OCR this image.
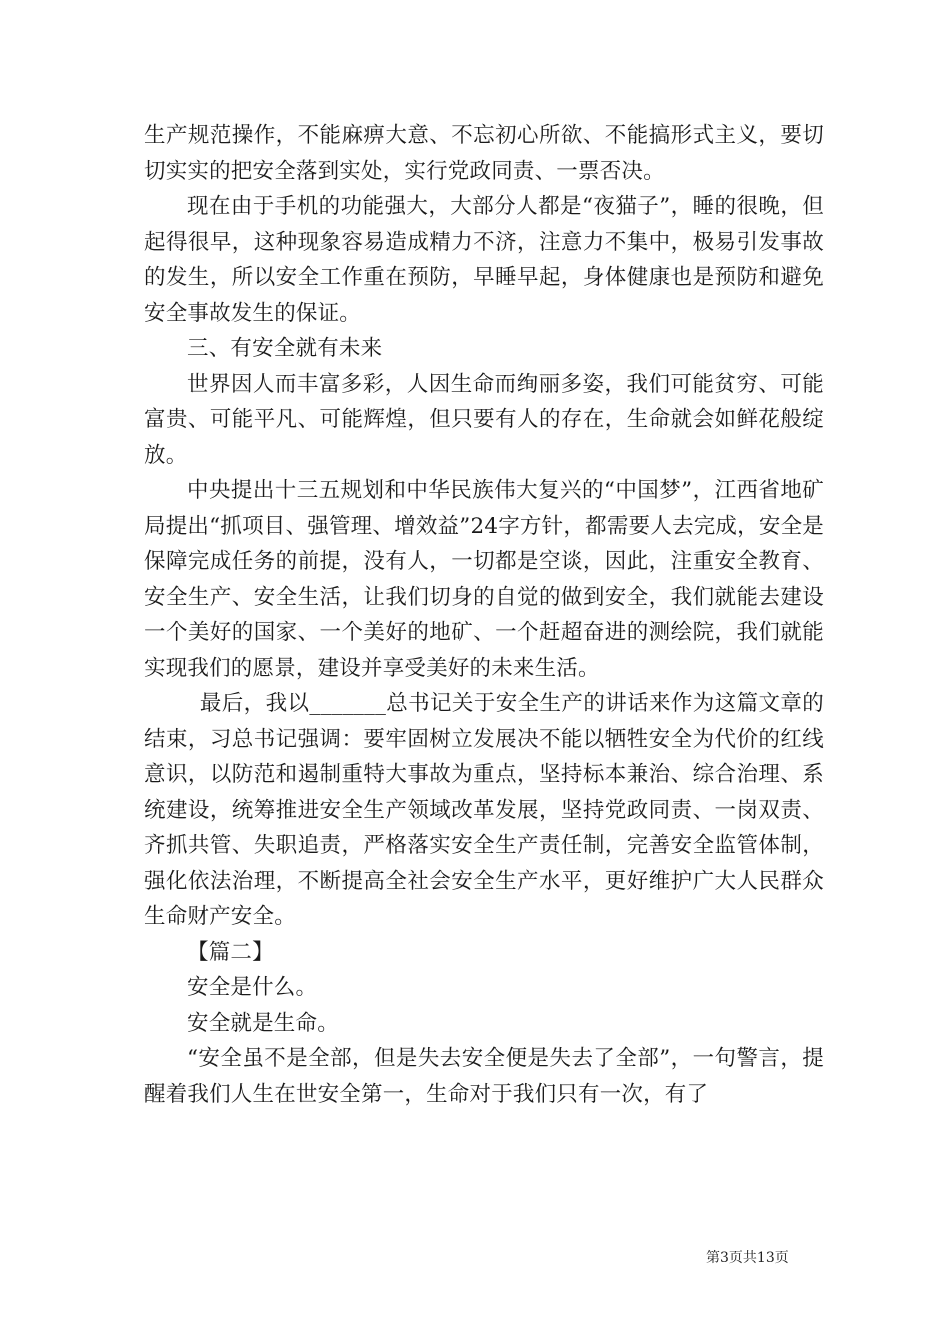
生产规范操作，不能麻痹大意、不忘初心所欲、不能搞形式主义，要切切实实的把安全落到实处，实行党政同责、一票否决。

现在由于手机的功能强大，大部分人都是“夜猫子”，睡的很晚，但起得很早，这种现象容易造成精力不济，注意力不集中，极易引发事故的发生，所以安全工作重在预防，早睡早起，身体健康也是预防和避免安全事故发生的保证。

三、有安全就有未来

世界因人而丰富多彩，人因生命而绚丽多姿，我们可能贫穷、可能富贵、可能平凡、可能辉煌，但只要有人的存在，生命就会如鲜花般绽放。

中央提出十三五规划和中华民族伟大复兴的“中国梦”，江西省地矿局提出“抓项目、强管理、增效益”24字方针，都需要人去完成，安全是保障完成任务的前提，没有人，一切都是空谈，因此，注重安全教育、安全生产、安全生活，让我们切身的自觉的做到安全，我们就能去建设一个美好的国家、一个美好的地矿、一个赶超奋进的测绘院，我们就能实现我们的愿景，建设并享受美好的未来生活。

最后，我以_______总书记关于安全生产的讲话来作为这篇文章的结束，习总书记强调：要牢固树立发展决不能以牺牲安全为代价的红线意识，以防范和遏制重特大事故为重点，坚持标本兼治、综合治理、系统建设，统筹推进安全生产领域改革发展，坚持党政同责、一岗双责、齐抓共管、失职追责，严格落实安全生产责任制，完善安全监管体制，强化依法治理，不断提高全社会安全生产水平，更好维护广大人民群众生命财产安全。

【篇二】

安全是什么。

安全就是生命。

“安全虽不是全部，但是失去安全便是失去了全部”，一句警言，提醒着我们人生在世安全第一，生命对于我们只有一次，有了

第3页共13页
